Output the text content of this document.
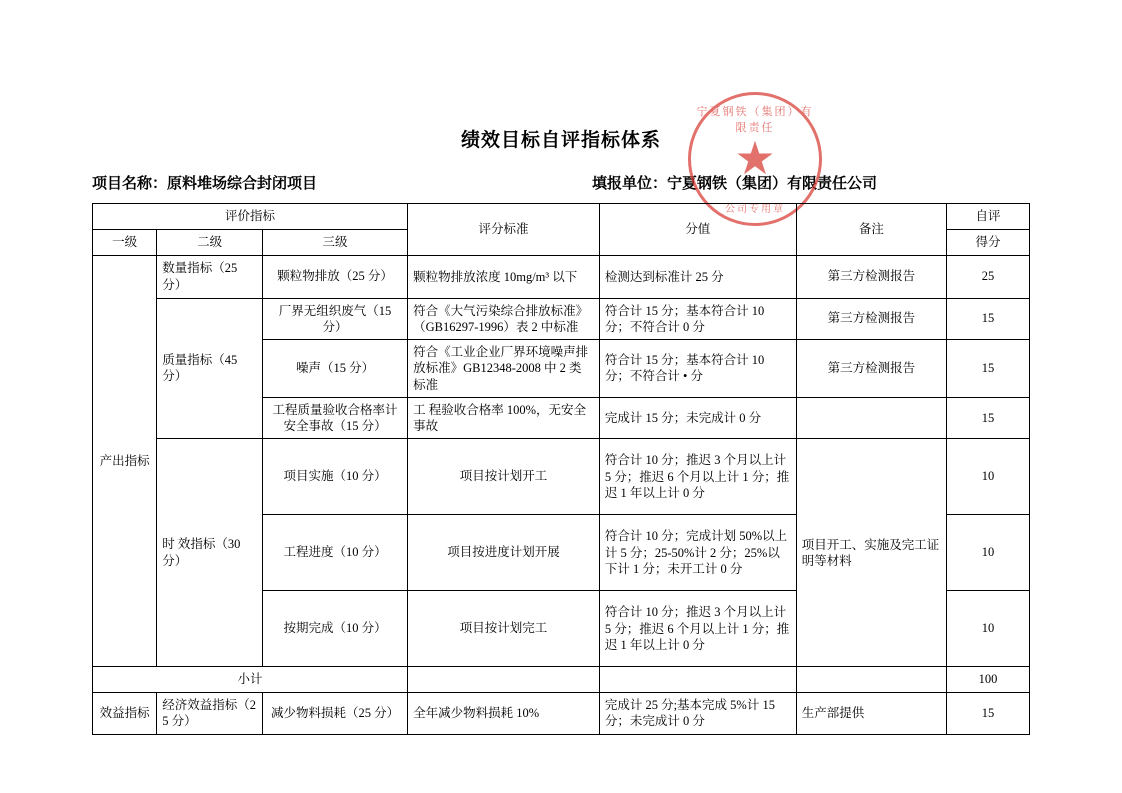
绩效目标自评指标体系
项目名称：原料堆场综合封闭项目	填报单位：宁夏钢铁（集团）有限责任公司
宁夏钢铁（集团）有限责任
★
公司专用章
评价指标			评分标准	分值	备注	自评
一级	二级	三级				得分
产出指标	数量指标（25 分）	颗粒物排放（25 分）	颗粒物排放浓度 10mg/m³ 以下	检测达到标准计 25 分	第三方检测报告	25
	质量指标（45 分）	厂界无组织废气（15 分）	符合《大气污染综合排放标准》（GB16297-1996）表 2 中标准	符合计 15 分；基本符合计 10 分；不符合计 0 分	第三方检测报告	15
		噪声（15 分）	符合《工业企业厂界环境噪声排放标准》GB12348-2008 中 2 类标准	符合计 15 分；基本符合计 10 分；不符合计 • 分	第三方检测报告	15
		工程质量验收合格率计安全事故（15 分）	工 程验收合格率 100%，无安全事故	完成计 15 分；未完成计 0 分		15
	时 效指标（30 分）	项目实施（10 分）	项目按计划开工	符合计 10 分；推迟 3 个月以上计 5 分；推迟 6 个月以上计 1 分；推迟 1 年以上计 0 分	项目开工、实施及完工证明等材料	10
		工程进度（10 分）	项目按进度计划开展	符合计 10 分；完成计划 50%以上计 5 分；25-50%计 2 分；25%以下计 1 分；未开工计 0 分		10
		按期完成（10 分）	项目按计划完工	符合计 10 分；推迟 3 个月以上计 5 分；推迟 6 个月以上计 1 分；推迟 1 年以上计 0 分		10
小计						100
效益指标	经济效益指标（25 分）	减少物料损耗（25 分）	全年减少物料损耗 10%	完成计 25 分;基本完成 5%计 15 分；未完成计 0 分	生产部提供	15
